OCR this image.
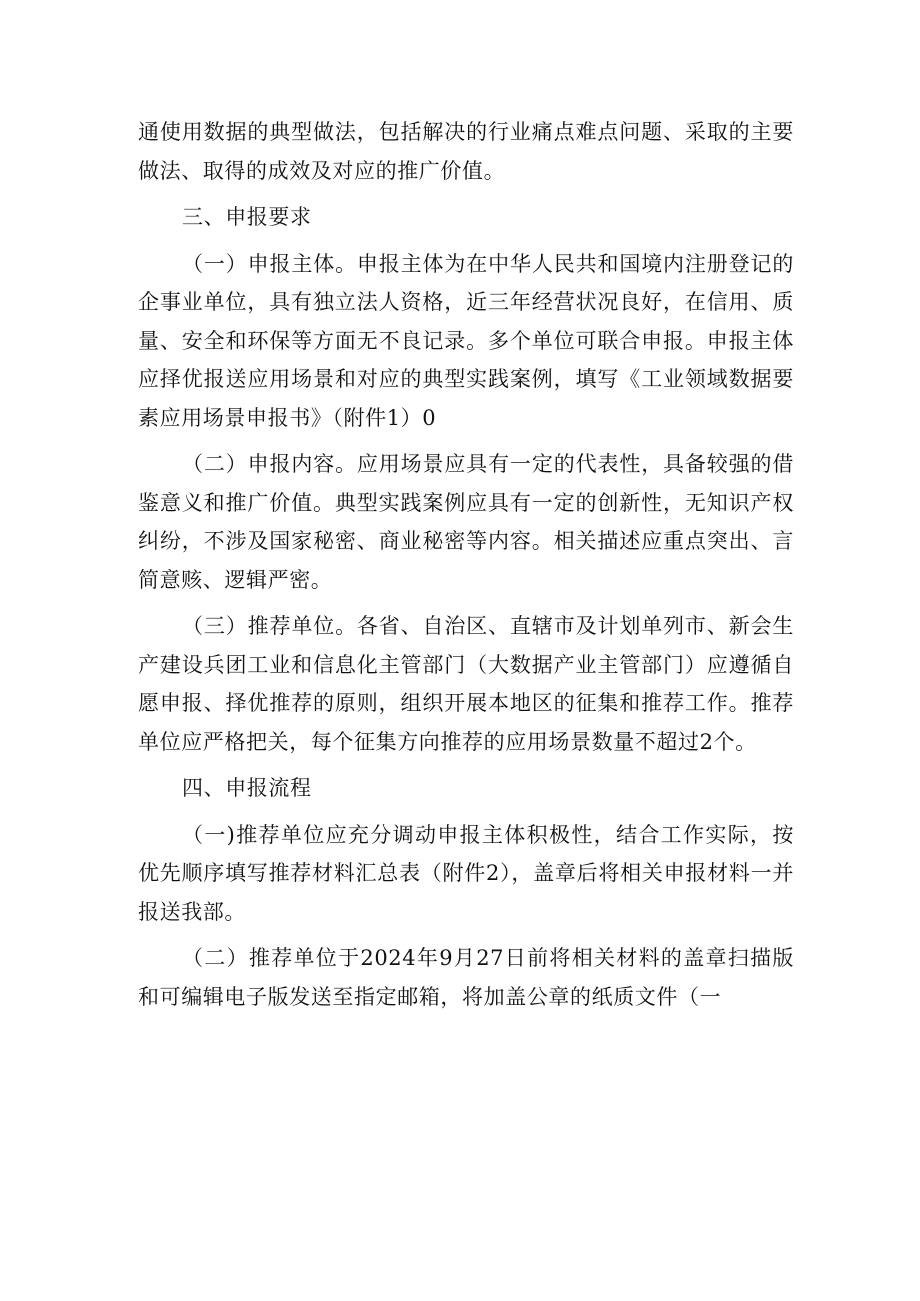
通使用数据的典型做法，包括解决的行业痛点难点问题、采取的主要做法、取得的成效及对应的推广价值。

三、申报要求

（一）申报主体。申报主体为在中华人民共和国境内注册登记的企事业单位，具有独立法人资格，近三年经营状况良好，在信用、质量、安全和环保等方面无不良记录。多个单位可联合申报。申报主体应择优报送应用场景和对应的典型实践案例，填写《工业领域数据要素应用场景申报书》（附件1）0

（二）申报内容。应用场景应具有一定的代表性，具备较强的借鉴意义和推广价值。典型实践案例应具有一定的创新性，无知识产权纠纷，不涉及国家秘密、商业秘密等内容。相关描述应重点突出、言简意赅、逻辑严密。

（三）推荐单位。各省、自治区、直辖市及计划单列市、新会生产建设兵团工业和信息化主管部门（大数据产业主管部门）应遵循自愿申报、择优推荐的原则，组织开展本地区的征集和推荐工作。推荐单位应严格把关，每个征集方向推荐的应用场景数量不超过2个。

四、申报流程

（一)推荐单位应充分调动申报主体积极性，结合工作实际，按优先顺序填写推荐材料汇总表（附件2），盖章后将相关申报材料一并报送我部。

（二）推荐单位于2024年9月27日前将相关材料的盖章扫描版和可编辑电子版发送至指定邮箱，将加盖公章的纸质文件（一
